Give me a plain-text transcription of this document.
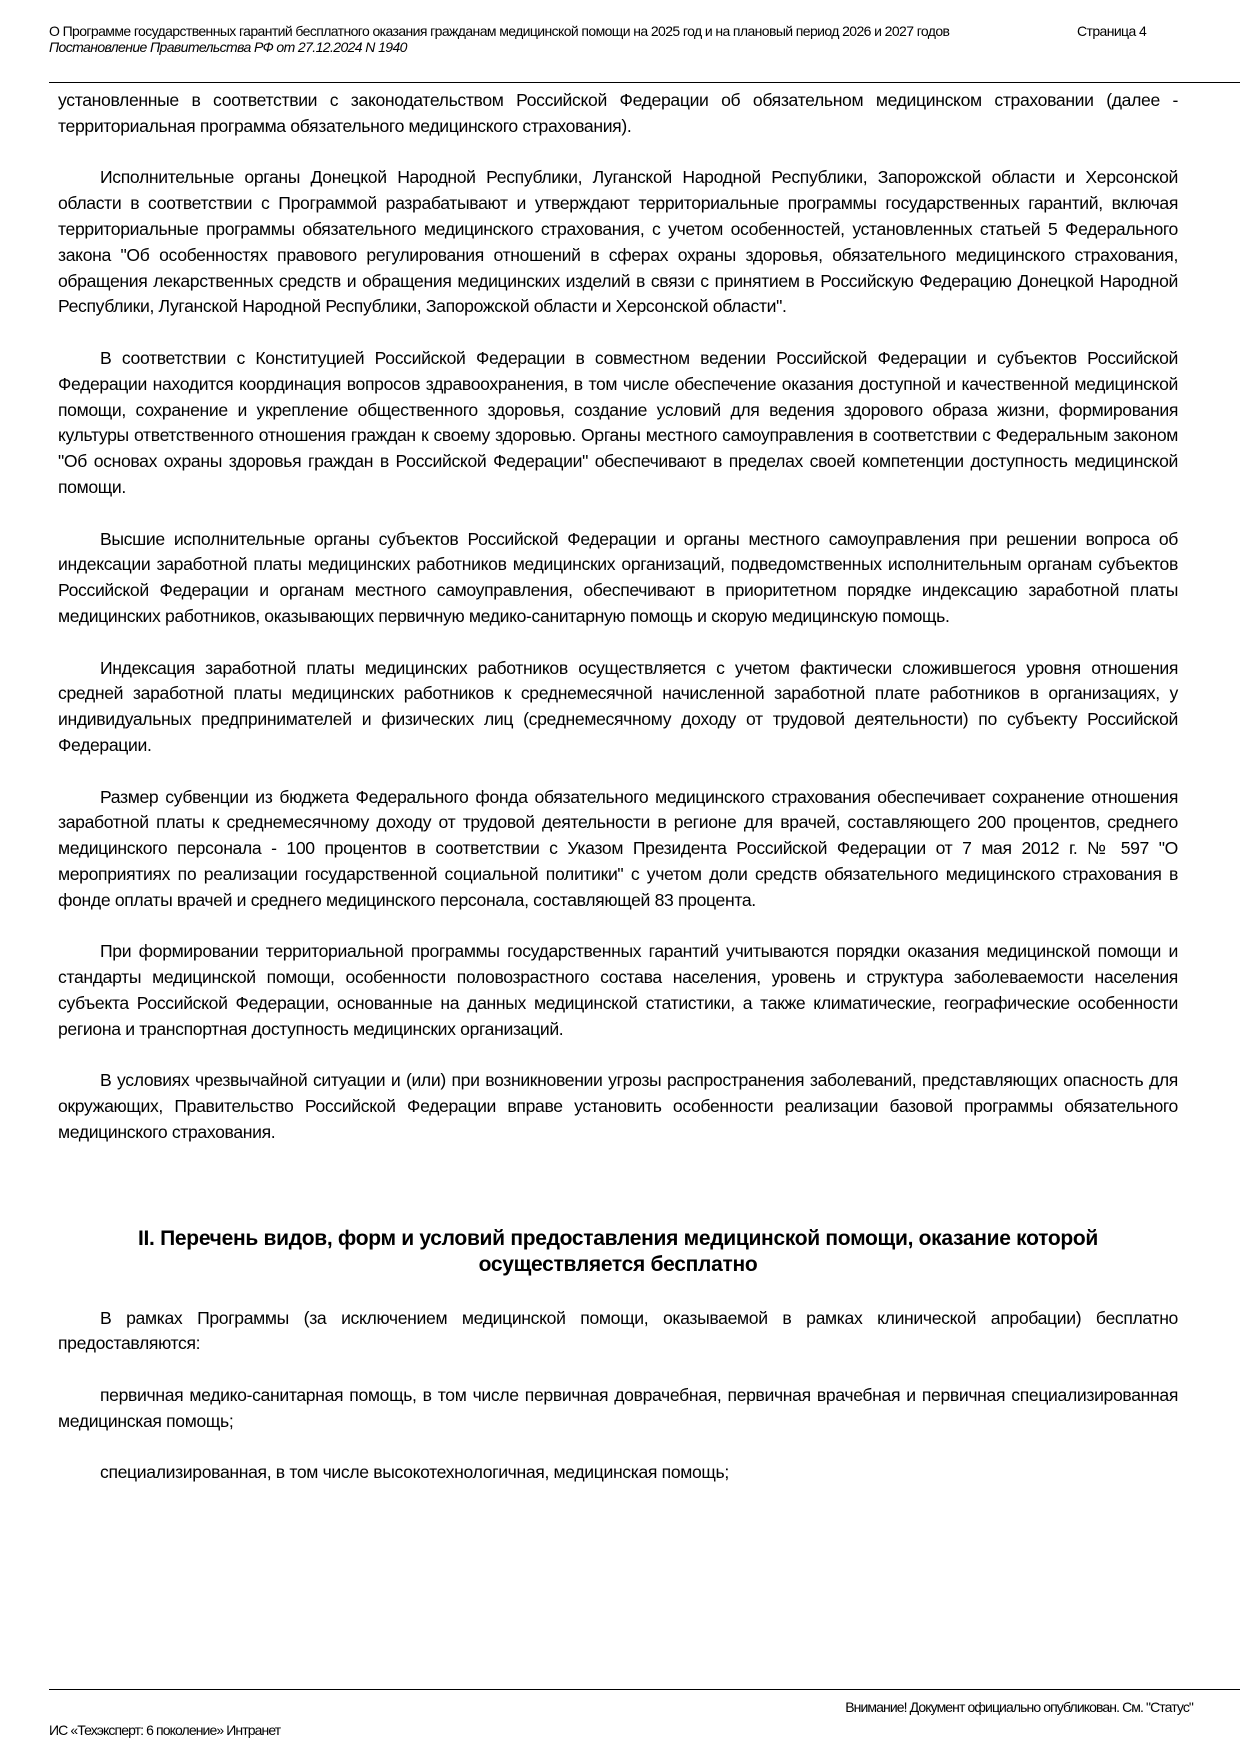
О Программе государственных гарантий бесплатного оказания гражданам медицинской помощи на 2025 год и на плановый период 2026 и 2027 годов	Страница 4
Постановление Правительства РФ от 27.12.2024 N 1940

установленные в соответствии с законодательством Российской Федерации об обязательном медицинском страховании (далее - территориальная программа обязательного медицинского страхования).

Исполнительные органы Донецкой Народной Республики, Луганской Народной Республики, Запорожской области и Херсонской области в соответствии с Программой разрабатывают и утверждают территориальные программы государственных гарантий, включая территориальные программы обязательного медицинского страхования, с учетом особенностей, установленных статьей 5 Федерального закона "Об особенностях правового регулирования отношений в сферах охраны здоровья, обязательного медицинского страхования, обращения лекарственных средств и обращения медицинских изделий в связи с принятием в Российскую Федерацию Донецкой Народной Республики, Луганской Народной Республики, Запорожской области и Херсонской области".

В соответствии с Конституцией Российской Федерации в совместном ведении Российской Федерации и субъектов Российской Федерации находится координация вопросов здравоохранения, в том числе обеспечение оказания доступной и качественной медицинской помощи, сохранение и укрепление общественного здоровья, создание условий для ведения здорового образа жизни, формирования культуры ответственного отношения граждан к своему здоровью. Органы местного самоуправления в соответствии с Федеральным законом "Об основах охраны здоровья граждан в Российской Федерации" обеспечивают в пределах своей компетенции доступность медицинской помощи.

Высшие исполнительные органы субъектов Российской Федерации и органы местного самоуправления при решении вопроса об индексации заработной платы медицинских работников медицинских организаций, подведомственных исполнительным органам субъектов Российской Федерации и органам местного самоуправления, обеспечивают в приоритетном порядке индексацию заработной платы медицинских работников, оказывающих первичную медико-санитарную помощь и скорую медицинскую помощь.

Индексация заработной платы медицинских работников осуществляется с учетом фактически сложившегося уровня отношения средней заработной платы медицинских работников к среднемесячной начисленной заработной плате работников в организациях, у индивидуальных предпринимателей и физических лиц (среднемесячному доходу от трудовой деятельности) по субъекту Российской Федерации.

Размер субвенции из бюджета Федерального фонда обязательного медицинского страхования обеспечивает сохранение отношения заработной платы к среднемесячному доходу от трудовой деятельности в регионе для врачей, составляющего 200 процентов, среднего медицинского персонала - 100 процентов в соответствии с Указом Президента Российской Федерации от 7 мая 2012 г. № 597 "О мероприятиях по реализации государственной социальной политики" с учетом доли средств обязательного медицинского страхования в фонде оплаты врачей и среднего медицинского персонала, составляющей 83 процента.

При формировании территориальной программы государственных гарантий учитываются порядки оказания медицинской помощи и стандарты медицинской помощи, особенности половозрастного состава населения, уровень и структура заболеваемости населения субъекта Российской Федерации, основанные на данных медицинской статистики, а также климатические, географические особенности региона и транспортная доступность медицинских организаций.

В условиях чрезвычайной ситуации и (или) при возникновении угрозы распространения заболеваний, представляющих опасность для окружающих, Правительство Российской Федерации вправе установить особенности реализации базовой программы обязательного медицинского страхования.

II. Перечень видов, форм и условий предоставления медицинской помощи, оказание которой осуществляется бесплатно

В рамках Программы (за исключением медицинской помощи, оказываемой в рамках клинической апробации) бесплатно предоставляются:

первичная медико-санитарная помощь, в том числе первичная доврачебная, первичная врачебная и первичная специализированная медицинская помощь;

специализированная, в том числе высокотехнологичная, медицинская помощь;

Внимание! Документ официально опубликован. См. "Статус"
ИС «Техэксперт: 6 поколение» Интранет
